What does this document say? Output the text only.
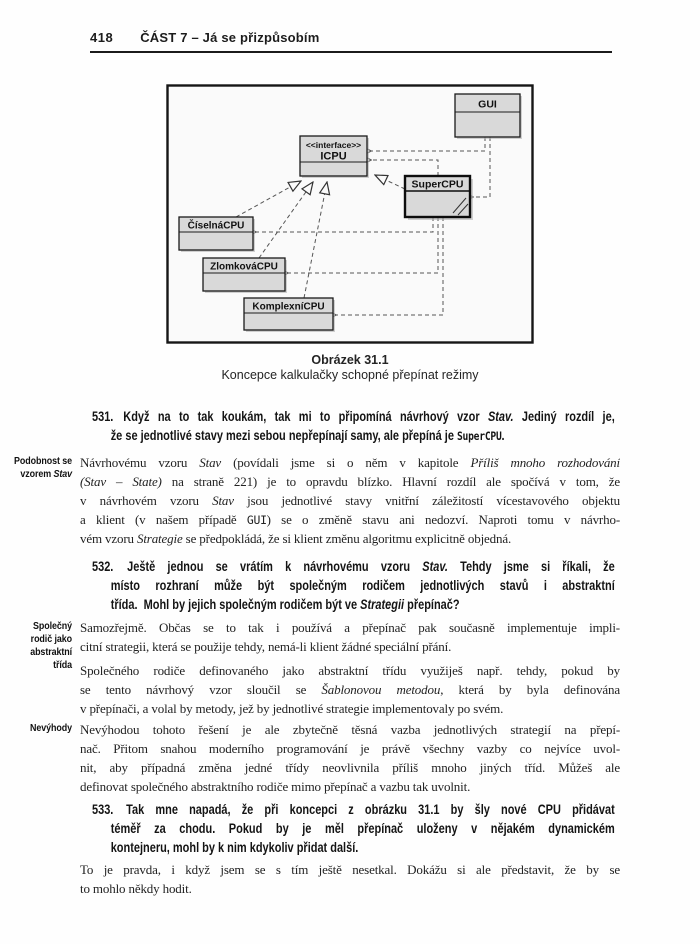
418 ČÁST 7 – Já se přizpůsobím
GUI
<<interface>>
ICPU
SuperCPU
ČíselnáCPU
ZlomkováCPU
KomplexníCPU
Obrázek 31.1
Koncepce kalkulačky schopné přepínat režimy
531. Když na to tak koukám, tak mi to připomíná návrhový vzor Stav. Jediný rozdíl je,
že se jednotlivé stavy mezi sebou nepřepínají samy, ale přepíná je SuperCPU.
Podobnost se
vzorem Stav
Návrhovému vzoru Stav (povídali jsme si o něm v kapitole Příliš mnoho rozhodování
(Stav – State) na straně 221) je to opravdu blízko. Hlavní rozdíl ale spočívá v tom, že
v návrhovém vzoru Stav jsou jednotlivé stavy vnitřní záležitostí vícestavového objektu
a klient (v našem případě GUI) se o změně stavu ani nedozví. Naproti tomu v návrho-
vém vzoru Strategie se předpokládá, že si klient změnu algoritmu explicitně objedná.
532. Ještě jednou se vrátím k návrhovému vzoru Stav. Tehdy jsme si říkali, že
místo rozhraní může být společným rodičem jednotlivých stavů i abstraktní
třída.  Mohl by jejich společným rodičem být ve Strategii přepínač?
Společný
rodič jako
abstraktní
třída
Samozřejmě. Občas se to tak i používá a přepínač pak současně implementuje impli-
citní strategii, která se použije tehdy, nemá-li klient žádné speciální přání.
Společného rodiče definovaného jako abstraktní třídu využiješ např. tehdy, pokud by
se tento návrhový vzor sloučil se Šablonovou metodou, která by byla definována
v přepínači, a volal by metody, jež by jednotlivé strategie implementovaly po svém.
Nevýhody Nevýhodou tohoto řešení je ale zbytečně těsná vazba jednotlivých strategií na přepí-
nač. Přitom snahou moderního programování je právě všechny vazby co nejvíce uvol-
nit, aby případná změna jedné třídy neovlivnila příliš mnoho jiných tříd. Můžeš ale
definovat společného abstraktního rodiče mimo přepínač a vazbu tak uvolnit.
533. Tak mne napadá, že při koncepci z obrázku 31.1 by šly nové CPU přidávat
téměř za chodu. Pokud by je měl přepínač uloženy v nějakém dynamickém
kontejneru, mohl by k nim kdykoliv přidat další.
To je pravda, i když jsem se s tím ještě nesetkal. Dokážu si ale představit, že by se
to mohlo někdy hodit.
